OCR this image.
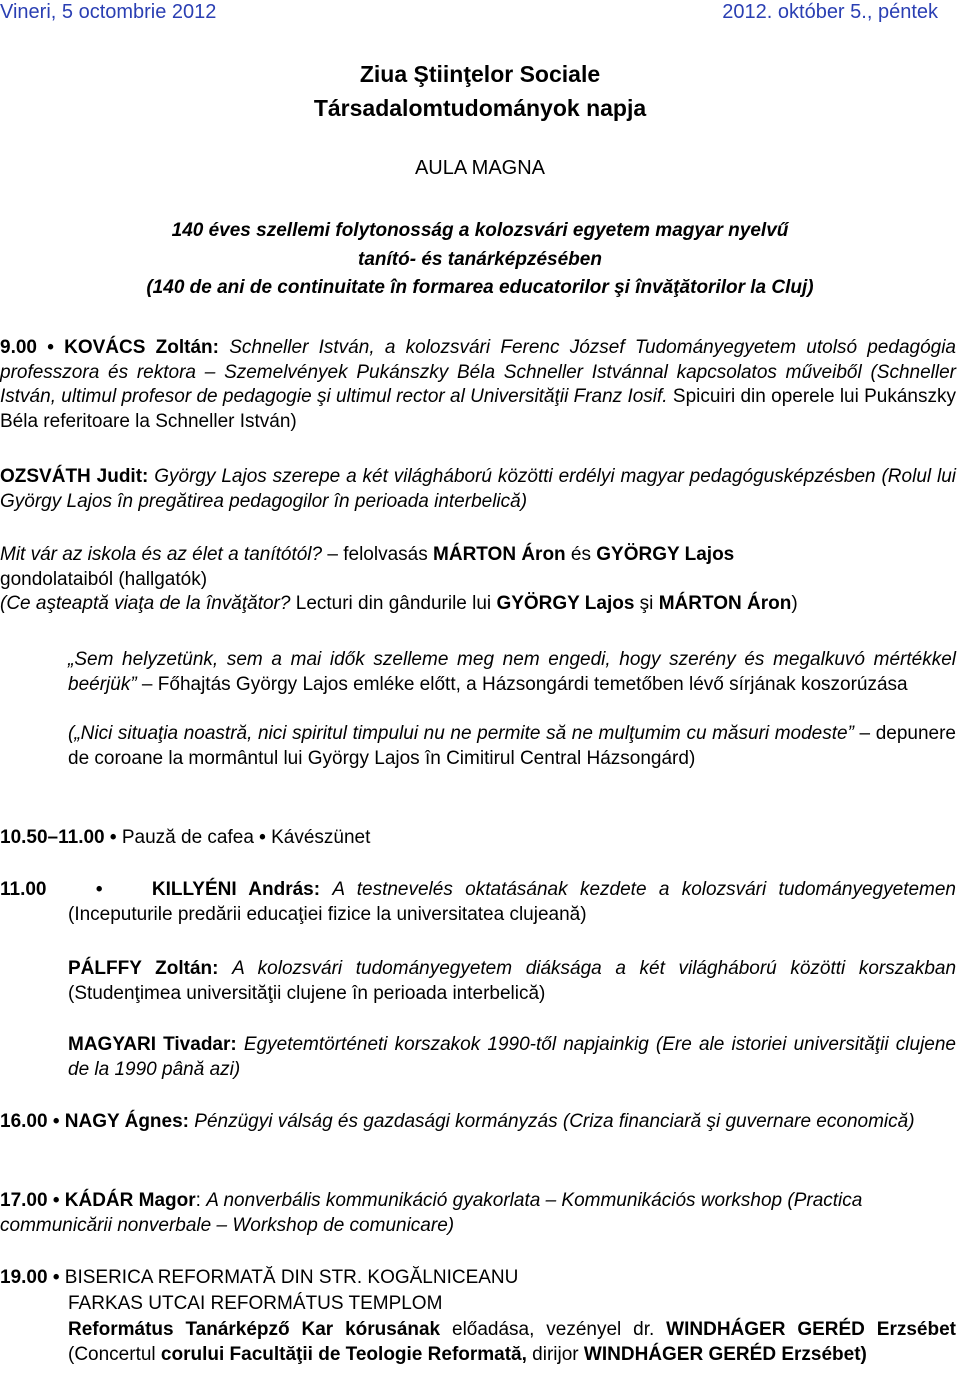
Vineri, 5 octombrie 2012	2012. október 5., péntek
Ziua Ştiinţelor Sociale
Társadalomtudományok napja
AULA MAGNA
140 éves szellemi folytonosság a kolozsvári egyetem magyar nyelvű
tanító- és tanárképzésében
(140 de ani de continuitate în formarea educatorilor şi învăţătorilor la Cluj)
9.00 • KOVÁCS Zoltán: Schneller István, a kolozsvári Ferenc József Tudományegyetem utolsó pedagógia professzora és rektora – Szemelvények Pukánszky Béla Schneller Istvánnal kapcsolatos műveiből (Schneller István, ultimul profesor de pedagogie şi ultimul rector al Universităţii Franz Iosif. Spicuiri din operele lui Pukánszky Béla referitoare la Schneller István)
OZSVÁTH Judit: György Lajos szerepe a két világháború közötti erdélyi magyar pedagógusképzésben (Rolul lui György Lajos în pregătirea pedagogilor în perioada interbelică)
Mit vár az iskola és az élet a tanítótól? – felolvasás MÁRTON Áron és GYÖRGY Lajos
gondolataiból (hallgatók)
(Ce aşteaptă viaţa de la învăţător? Lecturi din gândurile lui GYÖRGY Lajos şi MÁRTON Áron)
„Sem helyzetünk, sem a mai idők szelleme meg nem engedi, hogy szerény és megalkuvó mértékkel beérjük” – Főhajtás György Lajos emléke előtt, a Házsongárdi temetőben lévő sírjának koszorúzása
(„Nici situaţia noastră, nici spiritul timpului nu ne permite să ne mulţumim cu măsuri modeste” – depunere de coroane la mormântul lui György Lajos în Cimitirul Central Házsongárd)
10.50–11.00 • Pauză de cafea • Kávészünet
11.00	•	KILLYÉNI András: A testnevelés oktatásának kezdete a kolozsvári tudományegyetemen
(Inceputurile predării educaţiei fizice la universitatea clujeană)
PÁLFFY Zoltán: A kolozsvári tudományegyetem diáksága a két világháború közötti korszakban (Studenţimea universităţii clujene în perioada interbelică)
MAGYARI Tivadar: Egyetemtörténeti korszakok 1990-től napjainkig (Ere ale istoriei universităţii clujene de la 1990 până azi)
16.00 • NAGY Ágnes: Pénzügyi válság és gazdasági kormányzás (Criza financiară şi guvernare economică)
17.00 • KÁDÁR Magor: A nonverbális kommunikáció gyakorlata – Kommunikációs workshop (Practica communicării nonverbale – Workshop de comunicare)
19.00 • BISERICA REFORMATĂ DIN STR. KOGĂLNICEANU
FARKAS UTCAI REFORMÁTUS TEMPLOM
Református Tanárképző Kar kórusának előadása, vezényel dr. WINDHÁGER GERÉD Erzsébet (Concertul corului Facultăţii de Teologie Reformată, dirijor WINDHÁGER GERÉD Erzsébet)
